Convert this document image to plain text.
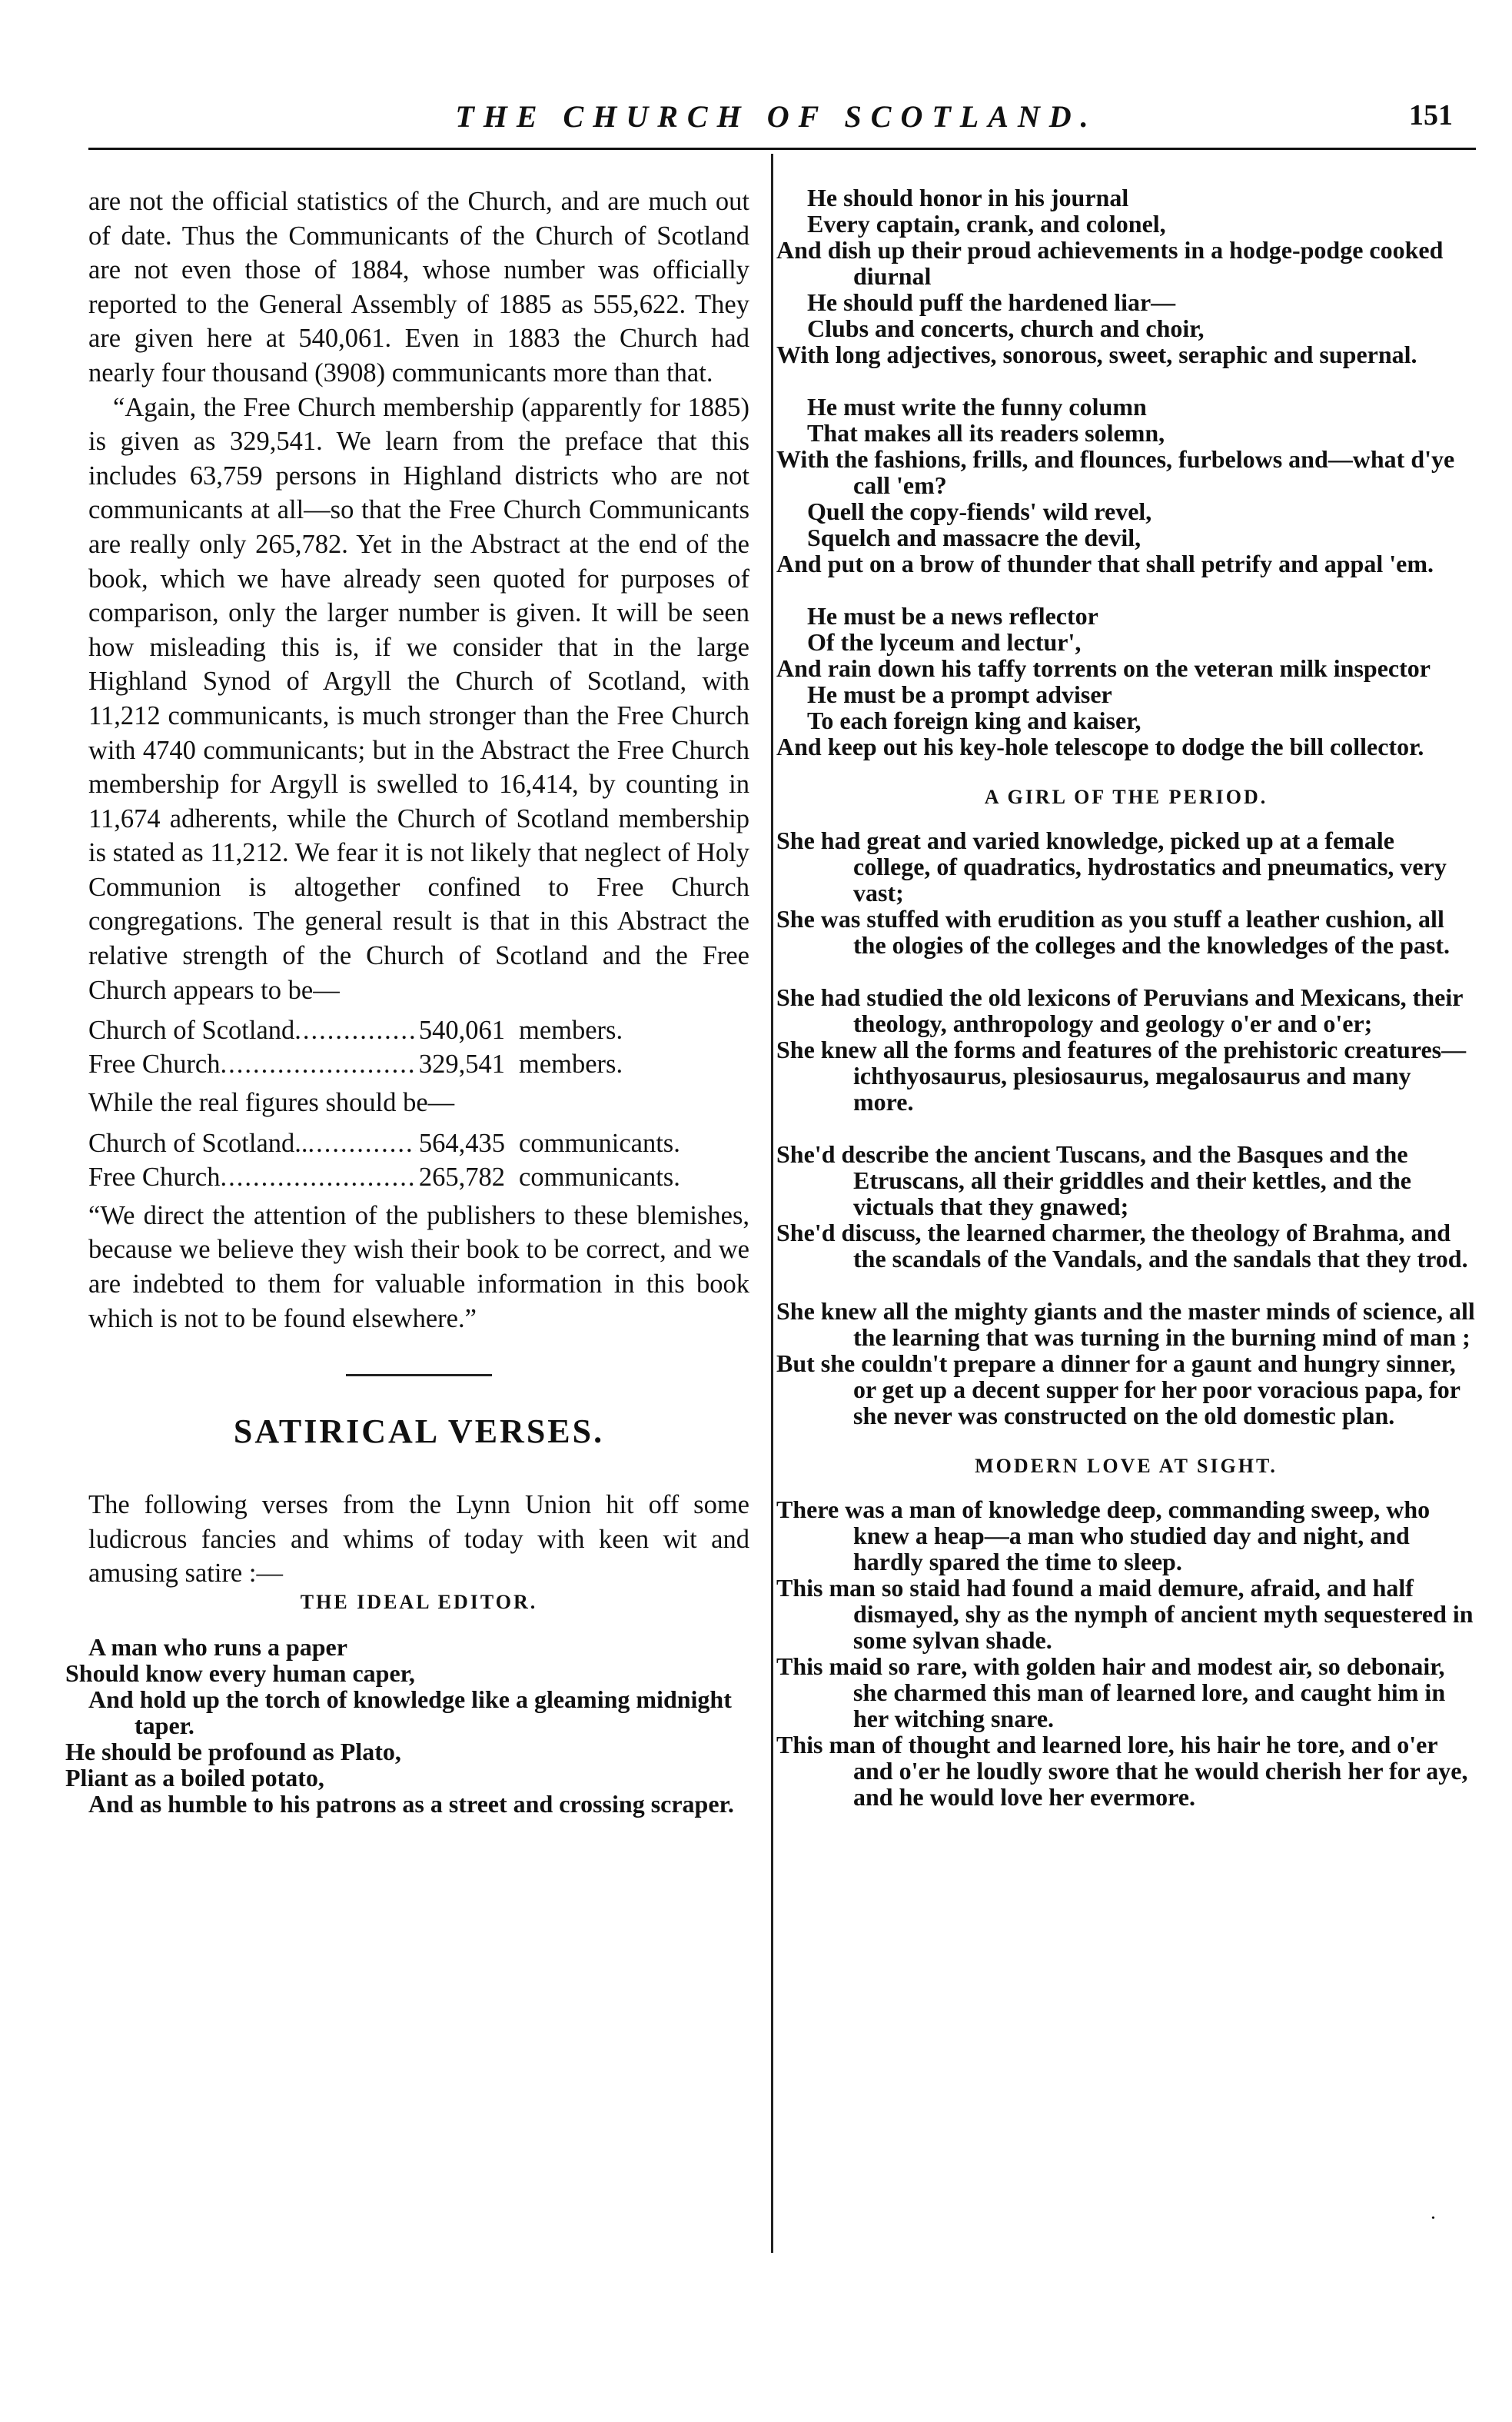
THE CHURCH OF SCOTLAND.	151

are not the official statistics of the Church, and are much out of date. Thus the Communicants of the Church of Scotland are not even those of 1884, whose number was officially reported to the General Assembly of 1885 as 555,622. They are given here at 540,061. Even in 1883 the Church had nearly four thousand (3908) communicants more than that.

“Again, the Free Church membership (apparently for 1885) is given as 329,541. We learn from the preface that this includes 63,759 persons in Highland districts who are not communicants at all—so that the Free Church Communicants are really only 265,782. Yet in the Abstract at the end of the book, which we have already seen quoted for purposes of comparison, only the larger number is given. It will be seen how misleading this is, if we consider that in the large Highland Synod of Argyll the Church of Scotland, with 11,212 communicants, is much stronger than the Free Church with 4740 communicants; but in the Abstract the Free Church membership for Argyll is swelled to 16,414, by counting in 11,674 adherents, while the Church of Scotland membership is stated as 11,212. We fear it is not likely that neglect of Holy Communion is altogether confined to Free Church congregations. The general result is that in this Abstract the relative strength of the Church of Scotland and the Free Church appears to be—

Church of Scotland .....	540,061 members.
Free Church .....	329,541 members.

While the real figures should be—

Church of Scotland.. .....	564,435 communicants.
Free Church .....	265,782 communicants.

“We direct the attention of the publishers to these blemishes, because we believe they wish their book to be correct, and we are indebted to them for valuable information in this book which is not to be found elsewhere.”

SATIRICAL VERSES.

The following verses from the Lynn Union hit off some ludicrous fancies and whims of today with keen wit and amusing satire :—

THE IDEAL EDITOR.
A man who runs a paper
Should know every human caper,
And hold up the torch of knowledge like a gleaming midnight taper.
He should be profound as Plato,
Pliant as a boiled potato,
And as humble to his patrons as a street and crossing scraper.
He should honor in his journal
Every captain, crank, and colonel,
And dish up their proud achievements in a hodge-podge cooked diurnal
He should puff the hardened liar—
Clubs and concerts, church and choir,
With long adjectives, sonorous, sweet, seraphic and supernal.
He must write the funny column
That makes all its readers solemn,
With the fashions, frills, and flounces, furbelows and—what d'ye call 'em?
Quell the copy-fiends' wild revel,
Squelch and massacre the devil,
And put on a brow of thunder that shall petrify and appal 'em.
He must be a news reflector
Of the lyceum and lectur',
And rain down his taffy torrents on the veteran milk inspector
He must be a prompt adviser
To each foreign king and kaiser,
And keep out his key-hole telescope to dodge the bill collector.
A GIRL OF THE PERIOD.
She had great and varied knowledge, picked up at a female college, of quadratics, hydrostatics and pneumatics, very vast;
She was stuffed with erudition as you stuff a leather cushion, all the ologies of the colleges and the knowledges of the past.
She had studied the old lexicons of Peruvians and Mexicans, their theology, anthropology and geology o'er and o'er;
She knew all the forms and features of the prehistoric creatures—ichthyosaurus, plesiosaurus, megalosaurus and many more.
She'd describe the ancient Tuscans, and the Basques and the Etruscans, all their griddles and their kettles, and the victuals that they gnawed;
She'd discuss, the learned charmer, the theology of Brahma, and the scandals of the Vandals, and the sandals that they trod.
She knew all the mighty giants and the master minds of science, all the learning that was turning in the burning mind of man ;
But she couldn't prepare a dinner for a gaunt and hungry sinner, or get up a decent supper for her poor voracious papa, for she never was constructed on the old domestic plan.
MODERN LOVE AT SIGHT.
There was a man of knowledge deep, commanding sweep, who knew a heap—a man who studied day and night, and hardly spared the time to sleep.
This man so staid had found a maid demure, afraid, and half dismayed, shy as the nymph of ancient myth sequestered in some sylvan shade.
This maid so rare, with golden hair and modest air, so debonair, she charmed this man of learned lore, and caught him in her witching snare.
This man of thought and learned lore, his hair he tore, and o'er and o'er he loudly swore that he would cherish her for aye, and he would love her evermore.
•
